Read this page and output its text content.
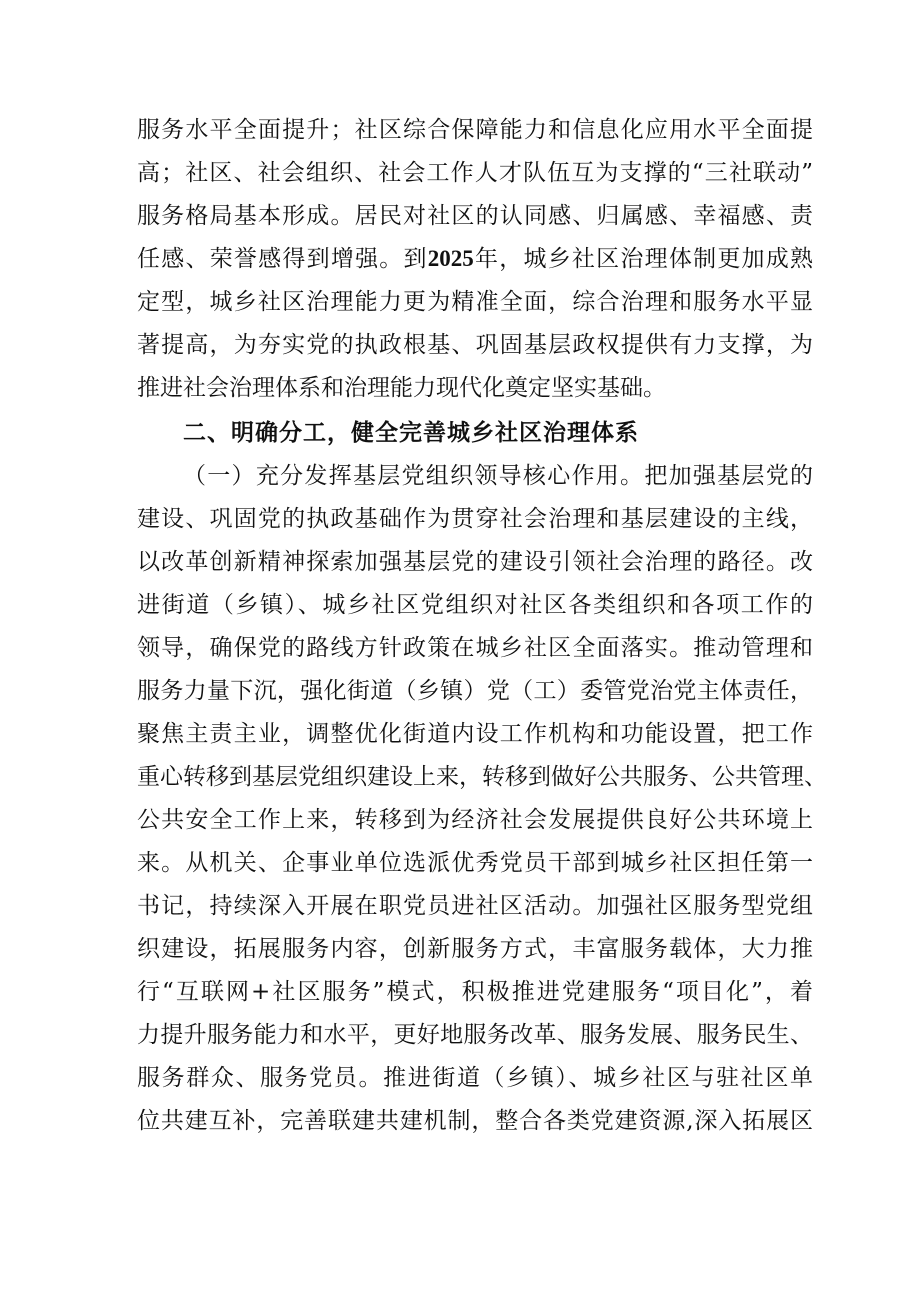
服务水平全面提升；社区综合保障能力和信息化应用水平全面提
高；社区、社会组织、社会工作人才队伍互为支撑的“三社联动”
服务格局基本形成。居民对社区的认同感、归属感、幸福感、责
任感、荣誉感得到增强。到2025年，城乡社区治理体制更加成熟
定型，城乡社区治理能力更为精准全面，综合治理和服务水平显
著提高，为夯实党的执政根基、巩固基层政权提供有力支撑，为
推进社会治理体系和治理能力现代化奠定坚实基础。
二、明确分工，健全完善城乡社区治理体系
（一）充分发挥基层党组织领导核心作用。把加强基层党的
建设、巩固党的执政基础作为贯穿社会治理和基层建设的主线，
以改革创新精神探索加强基层党的建设引领社会治理的路径。改
进街道（乡镇）、城乡社区党组织对社区各类组织和各项工作的
领导，确保党的路线方针政策在城乡社区全面落实。推动管理和
服务力量下沉，强化街道（乡镇）党（工）委管党治党主体责任，
聚焦主责主业，调整优化街道内设工作机构和功能设置，把工作
重心转移到基层党组织建设上来，转移到做好公共服务、公共管理、
公共安全工作上来，转移到为经济社会发展提供良好公共环境上
来。从机关、企事业单位选派优秀党员干部到城乡社区担任第一
书记，持续深入开展在职党员进社区活动。加强社区服务型党组
织建设，拓展服务内容，创新服务方式，丰富服务载体，大力推
行“互联网+社区服务”模式，积极推进党建服务“项目化”，着
力提升服务能力和水平，更好地服务改革、服务发展、服务民生、
服务群众、服务党员。推进街道（乡镇）、城乡社区与驻社区单
位共建互补，完善联建共建机制，整合各类党建资源,深入拓展区
